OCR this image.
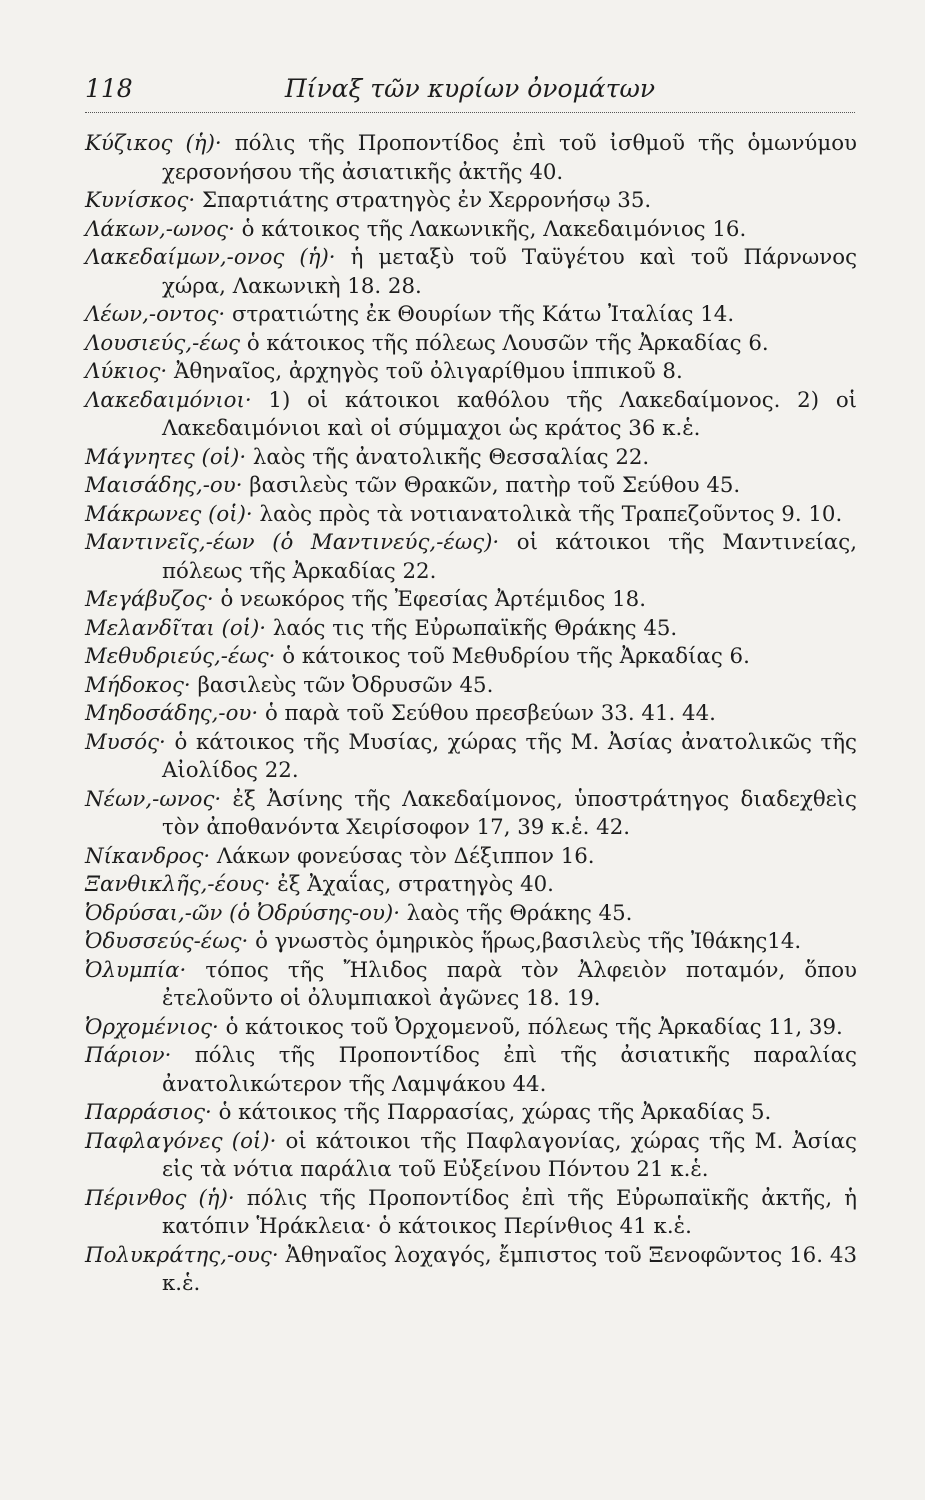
118	Πίναξ τῶν κυρίων ὀνομάτων
Κύζικος (ἡ)· πόλις τῆς Προποντίδος ἐπὶ τοῦ ἰσθμοῦ τῆς ὁμωνύμου χερσονήσου τῆς ἀσιατικῆς ἀκτῆς 40.
Κυνίσκος· Σπαρτιάτης στρατηγὸς ἐν Χερρονήσῳ 35.
Λάκων,-ωνος· ὁ κάτοικος τῆς Λακωνικῆς, Λακεδαιμόνιος 16.
Λακεδαίμων,-ονος (ἡ)· ἡ μεταξὺ τοῦ Ταϋγέτου καὶ τοῦ Πάρνωνος χώρα, Λακωνικὴ 18. 28.
Λέων,-οντος· στρατιώτης ἐκ Θουρίων τῆς Κάτω Ἰταλίας 14.
Λουσιεύς,-έως ὁ κάτοικος τῆς πόλεως Λουσῶν τῆς Ἀρκαδίας 6.
Λύκιος· Ἀθηναῖος, ἀρχηγὸς τοῦ ὀλιγαρίθμου ἱππικοῦ 8.
Λακεδαιμόνιοι· 1) οἱ κάτοικοι καθόλου τῆς Λακεδαίμονος. 2) οἱ Λακεδαιμόνιοι καὶ οἱ σύμμαχοι ὡς κράτος 36 κ.ἑ.
Μάγνητες (οἱ)· λαὸς τῆς ἀνατολικῆς Θεσσαλίας 22.
Μαισάδης,-ου· βασιλεὺς τῶν Θρακῶν, πατὴρ τοῦ Σεύθου 45.
Μάκρωνες (οἱ)· λαὸς πρὸς τὰ νοτιανατολικὰ τῆς Τραπεζοῦντος 9. 10.
Μαντινεῖς,-έων (ὁ Μαντινεύς,-έως)· οἱ κάτοικοι τῆς Μαντινείας, πόλεως τῆς Ἀρκαδίας 22.
Μεγάβυζος· ὁ νεωκόρος τῆς Ἐφεσίας Ἀρτέμιδος 18.
Μελανδῖται (οἱ)· λαός τις τῆς Εὐρωπαϊκῆς Θράκης 45.
Μεθυδριεύς,-έως· ὁ κάτοικος τοῦ Μεθυδρίου τῆς Ἀρκαδίας 6.
Μήδοκος· βασιλεὺς τῶν Ὀδρυσῶν 45.
Μηδοσάδης,-ου· ὁ παρὰ τοῦ Σεύθου πρεσβεύων 33. 41. 44.
Μυσός· ὁ κάτοικος τῆς Μυσίας, χώρας τῆς Μ. Ἀσίας ἀνατολικῶς τῆς Αἰολίδος 22.
Νέων,-ωνος· ἐξ Ἀσίνης τῆς Λακεδαίμονος, ὑποστράτηγος διαδεχθεὶς τὸν ἀποθανόντα Χειρίσοφον 17, 39 κ.ἑ. 42.
Νίκανδρος· Λάκων φονεύσας τὸν Δέξιππον 16.
Ξανθικλῆς,-έους· ἐξ Ἀχαΐας, στρατηγὸς 40.
Ὀδρύσαι,-ῶν (ὁ Ὀδρύσης-ου)· λαὸς τῆς Θράκης 45.
Ὀδυσσεύς-έως· ὁ γνωστὸς ὁμηρικὸς ἥρως,βασιλεὺς τῆς Ἰθάκης14.
Ὀλυμπία· τόπος τῆς Ἤλιδος παρὰ τὸν Ἀλφειὸν ποταμόν, ὅπου ἐτελοῦντο οἱ ὀλυμπιακοὶ ἀγῶνες 18. 19.
Ὀρχομένιος· ὁ κάτοικος τοῦ Ὀρχομενοῦ, πόλεως τῆς Ἀρκαδίας 11, 39.
Πάριον· πόλις τῆς Προποντίδος ἐπὶ τῆς ἀσιατικῆς παραλίας ἀνατολικώτερον τῆς Λαμψάκου 44.
Παρράσιος· ὁ κάτοικος τῆς Παρρασίας, χώρας τῆς Ἀρκαδίας 5.
Παφλαγόνες (οἱ)· οἱ κάτοικοι τῆς Παφλαγονίας, χώρας τῆς Μ. Ἀσίας εἰς τὰ νότια παράλια τοῦ Εὐξείνου Πόντου 21 κ.ἑ.
Πέρινθος (ἡ)· πόλις τῆς Προποντίδος ἐπὶ τῆς Εὐρωπαϊκῆς ἀκτῆς, ἡ κατόπιν Ἡράκλεια· ὁ κάτοικος Περίνθιος 41 κ.ἑ.
Πολυκράτης,-ους· Ἀθηναῖος λοχαγός, ἔμπιστος τοῦ Ξενοφῶντος 16. 43 κ.ἑ.
